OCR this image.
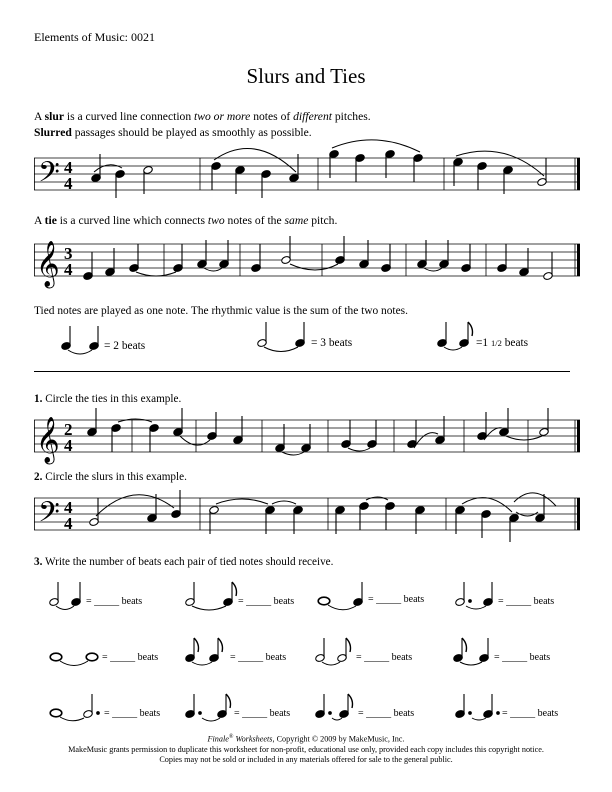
Elements of Music: 0021
Slurs and Ties
A slur is a curved line connection two or more notes of different pitches.
Slurred passages should be played as smoothly as possible.
𝄢 4
4
A tie is a curved line which connects two notes of the same pitch.
𝄞 3
4
Tied notes are played as one note. The rhythmic value is the sum of the two notes.
= 2 beats	= 3 beats	=1 1/2 beats
1. Circle the ties in this example.
𝄞 2
4
2. Circle the slurs in this example.
𝄢 4
4
3. Write the number of beats each pair of tied notes should receive.
= _____ beats	= _____ beats	= _____ beats	= _____ beats
= _____ beats	= _____ beats	= _____ beats	= _____ beats
= _____ beats	= _____ beats	= _____ beats	= _____ beats
Finale® Worksheets, Copyright © 2009 by MakeMusic, Inc.
MakeMusic grants permission to duplicate this worksheet for non-profit, educational use only, provided each copy includes this copyright notice.
Copies may not be sold or included in any materials offered for sale to the general public.
